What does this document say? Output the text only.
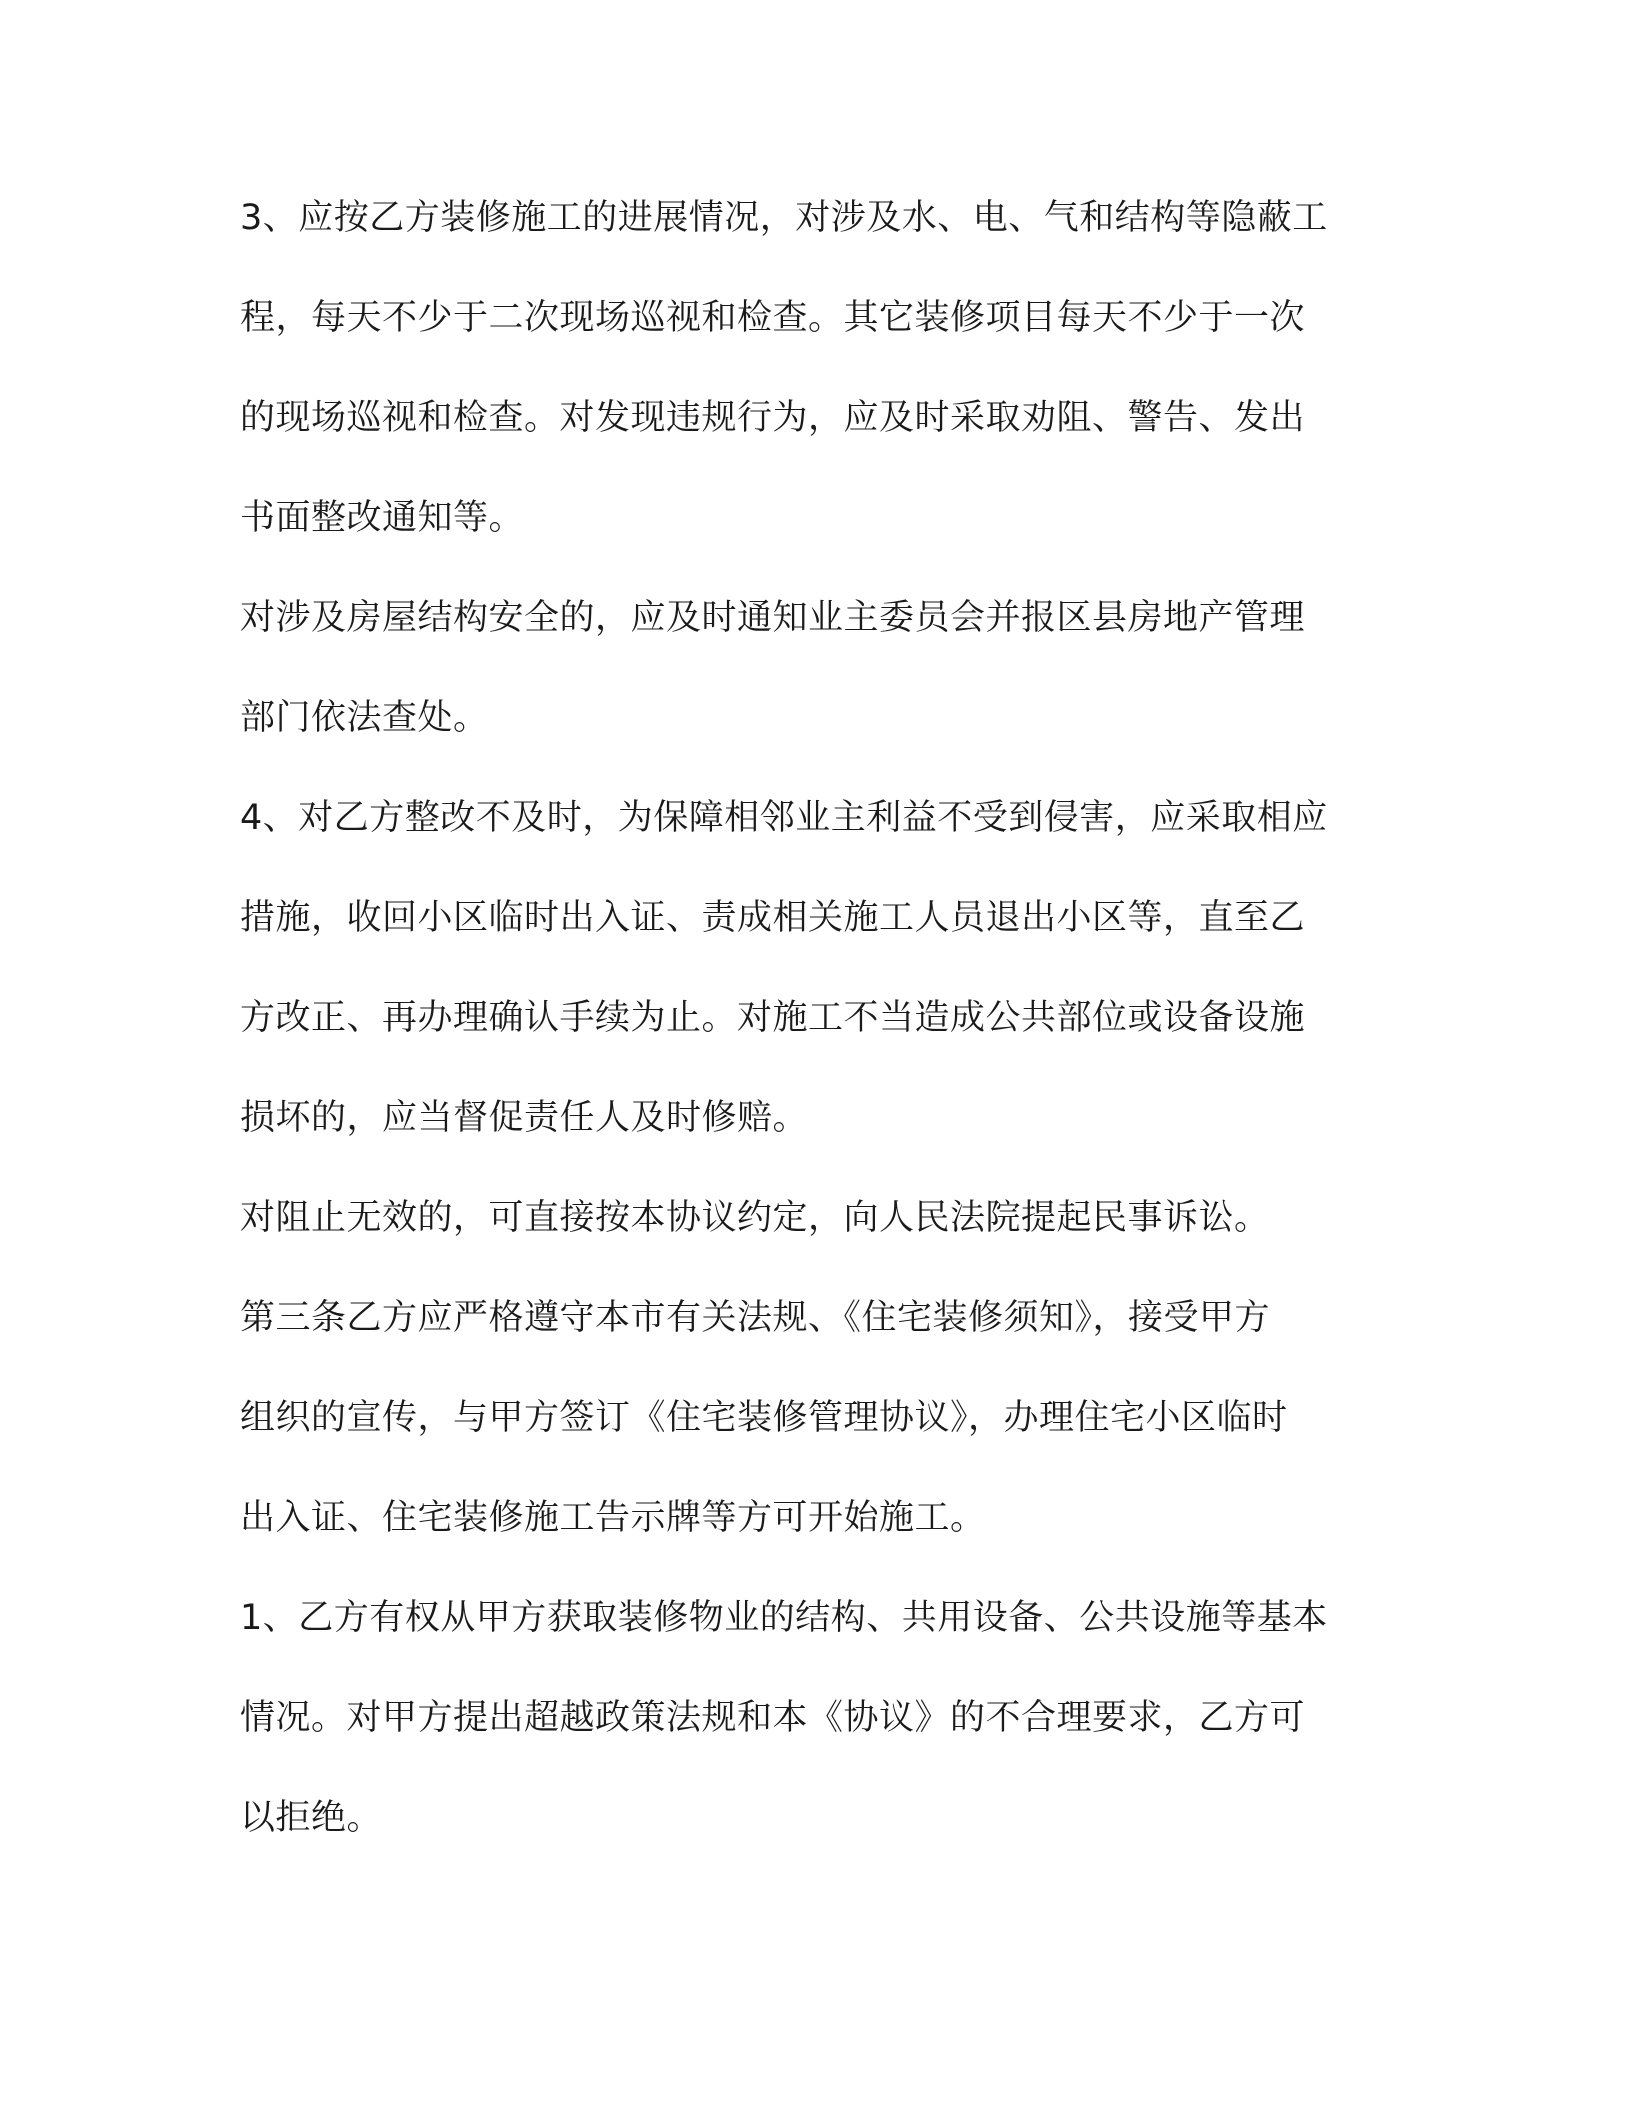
3、应按乙方装修施工的进展情况，对涉及水、电、气和结构等隐蔽工

程，每天不少于二次现场巡视和检查。其它装修项目每天不少于一次

的现场巡视和检查。对发现违规行为，应及时采取劝阻、警告、发出

书面整改通知等。

对涉及房屋结构安全的，应及时通知业主委员会并报区县房地产管理

部门依法查处。

4、对乙方整改不及时，为保障相邻业主利益不受到侵害，应采取相应

措施，收回小区临时出入证、责成相关施工人员退出小区等，直至乙

方改正、再办理确认手续为止。对施工不当造成公共部位或设备设施

损坏的，应当督促责任人及时修赔。

对阻止无效的，可直接按本协议约定，向人民法院提起民事诉讼。

第三条乙方应严格遵守本市有关法规、《住宅装修须知》，接受甲方

组织的宣传，与甲方签订《住宅装修管理协议》，办理住宅小区临时

出入证、住宅装修施工告示牌等方可开始施工。

1、乙方有权从甲方获取装修物业的结构、共用设备、公共设施等基本

情况。对甲方提出超越政策法规和本《协议》的不合理要求，乙方可

以拒绝。
